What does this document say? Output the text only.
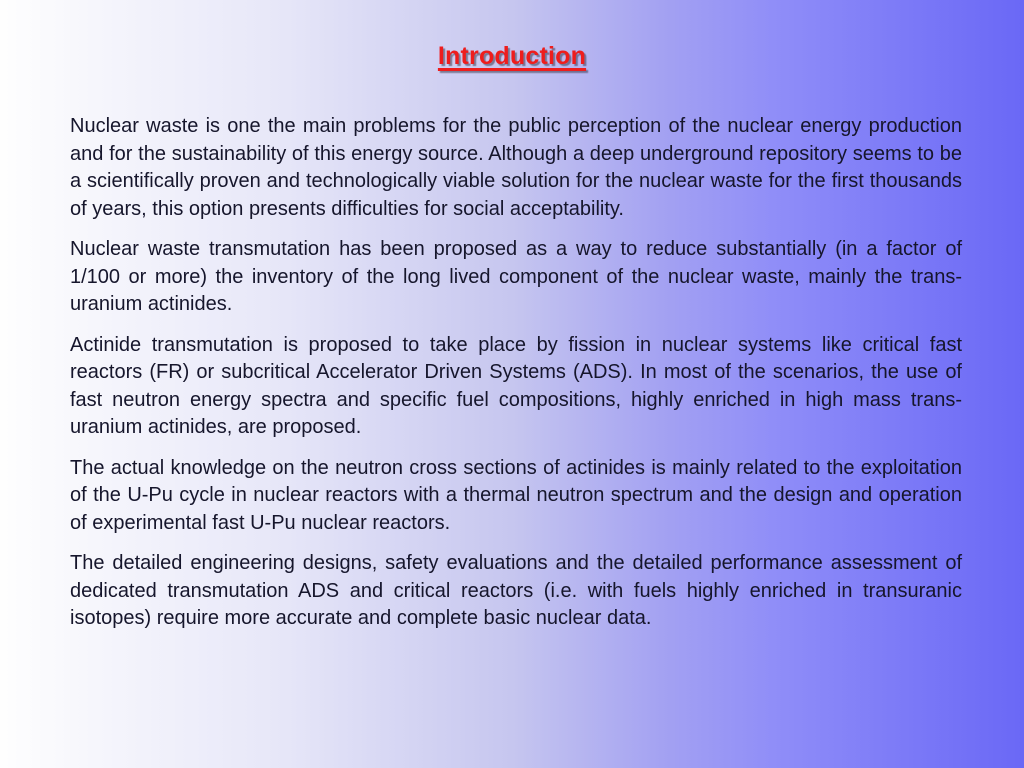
Introduction

Nuclear waste is one the main problems for the public perception of the nuclear energy production and for the sustainability of this energy source. Although a deep underground repository seems to be a scientifically proven and technologically viable solution for the nuclear waste for the first thousands of years, this option presents difficulties for social acceptability.

Nuclear waste transmutation has been proposed as a way to reduce substantially (in a factor of 1/100 or more) the inventory of the long lived component of the nuclear waste, mainly the trans-uranium actinides.

Actinide transmutation is proposed to take place by fission in nuclear systems like critical fast reactors (FR) or subcritical Accelerator Driven Systems (ADS). In most of the scenarios, the use of fast neutron energy spectra and specific fuel compositions, highly enriched in high mass trans-uranium actinides, are proposed.

The actual knowledge on the neutron cross sections of actinides is mainly related to the exploitation of the U-Pu cycle in nuclear reactors with a thermal neutron spectrum and the design and operation of experimental fast U-Pu nuclear reactors.

The detailed engineering designs, safety evaluations and the detailed performance assessment of dedicated transmutation ADS and critical reactors (i.e. with fuels highly enriched in transuranic isotopes) require more accurate and complete basic nuclear data.
